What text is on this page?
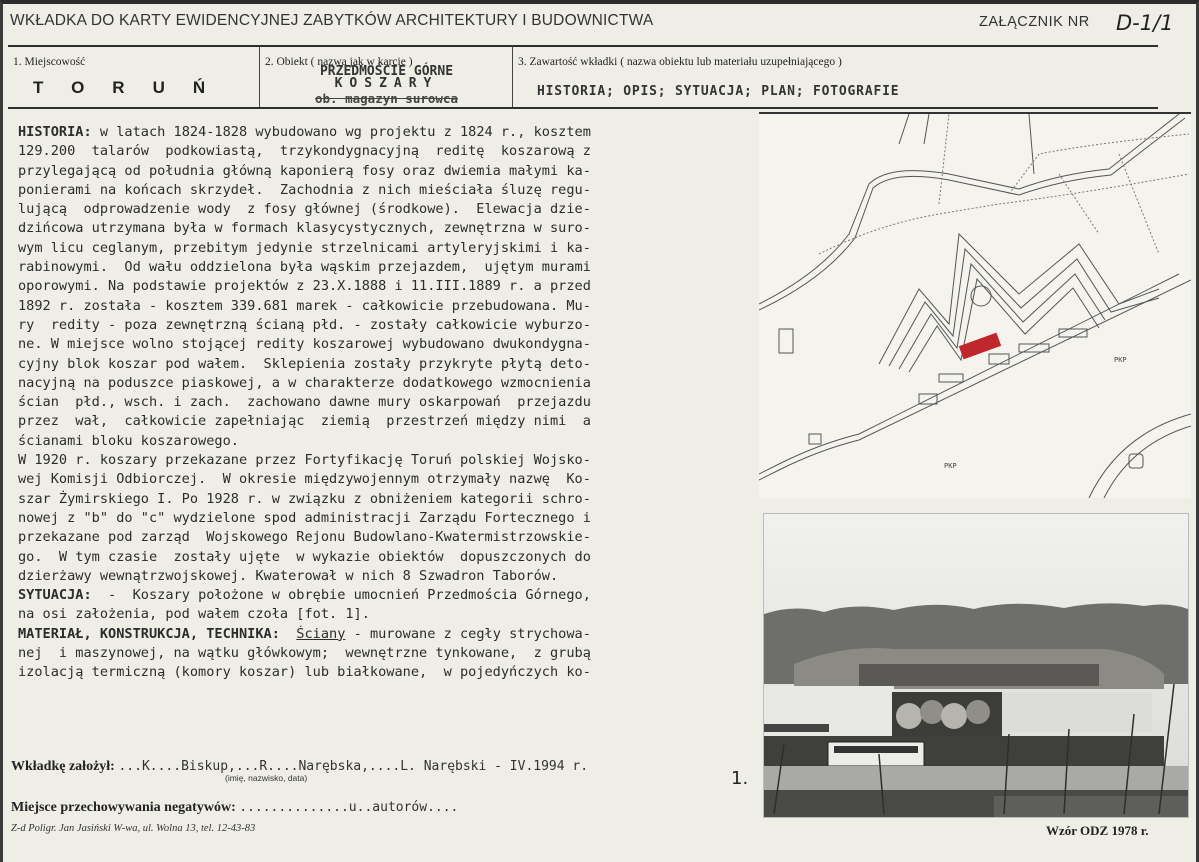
WKŁADKA DO KARTY EWIDENCYJNEJ ZABYTKÓW ARCHITEKTURY I BUDOWNICTWA	ZAŁĄCZNIK NR D-1/1
1. Miejscowość
TORUŃ
2. Obiekt ( nazwa jak w karcie )
PRZEDMOŚCIE GÓRNE
KOSZARY
ob. magazyn surowca
3. Zawartość wkładki ( nazwa obiektu lub materiału uzupełniającego )
HISTORIA; OPIS; SYTUACJA; PLAN; FOTOGRAFIE
HISTORIA: w latach 1824-1828 wybudowano wg projektu z 1824 r., kosztem
129.200  talarów  podkowiastą,  trzykondygnacyjną  reditę  koszarową z
przylegającą od południa główną kaponierą fosy oraz dwiemia małymi ka-
ponierami na końcach skrzydeł.  Zachodnia z nich mieściała śluzę regu-
lującą  odprowadzenie wody  z fosy głównej (środkowe).  Elewacja dzie-
dzińcowa utrzymana była w formach klasycystycznych, zewnętrzna w suro-
wym licu ceglanym, przebitym jedynie strzelnicami artyleryjskimi i ka-
rabinowymi.  Od wału oddzielona była wąskim przejazdem,  ujętym murami
oporowymi. Na podstawie projektów z 23.X.1888 i 11.III.1889 r. a przed
1892 r. została - kosztem 339.681 marek - całkowicie przebudowana. Mu-
ry  redity - poza zewnętrzną ścianą płd. - zostały całkowicie wyburzo-
ne. W miejsce wolno stojącej redity koszarowej wybudowano dwukondygna-
cyjny blok koszar pod wałem.  Sklepienia zostały przykryte płytą deto-
nacyjną na poduszce piaskowej, a w charakterze dodatkowego wzmocnienia
ścian  płd., wsch. i zach.  zachowano dawne mury oskarpowań  przejazdu
przez  wał,  całkowicie zapełniając  ziemią  przestrzeń między nimi  a
ścianami bloku koszarowego.
W 1920 r. koszary przekazane przez Fortyfikację Toruń polskiej Wojsko-
wej Komisji Odbiorczej.  W okresie międzywojennym otrzymały nazwę  Ko-
szar Żymirskiego I. Po 1928 r. w związku z obniżeniem kategorii schro-
nowej z "b" do "c" wydzielone spod administracji Zarządu Fortecznego i
przekazane pod zarząd  Wojskowego Rejonu Budowlano-Kwatermistrzowskie-
go.  W tym czasie  zostały ujęte  w wykazie obiektów  dopuszczonych do
dzierżawy wewnątrzwojskowej. Kwaterował w nich 8 Szwadron Taborów.
SYTUACJA:  -  Koszary położone w obrębie umocnień Przedmościa Górnego,
na osi założenia, pod wałem czoła [fot. 1].
MATERIAŁ, KONSTRUKCJA, TECHNIKA: Ściany - murowane z cegły strychowa-
nej  i maszynowej, na wątku główkowym;  wewnętrzne tynkowane,  z grubą
izolacją termiczną (komory koszar) lub białkowane,  w pojedyńczych ko-
PKP
PKP
Wkładkę założył: ...K....Biskup,...R....Narębska,....L. Narębski - IV.1994 r.
(imię, nazwisko, data)	1.
Miejsce przechowywania negatywów: ..............u..autorów....
Z-d Poligr. Jan Jasiński W-wa, ul. Wolna 13, tel. 12-43-83	Wzór ODZ 1978 r.
